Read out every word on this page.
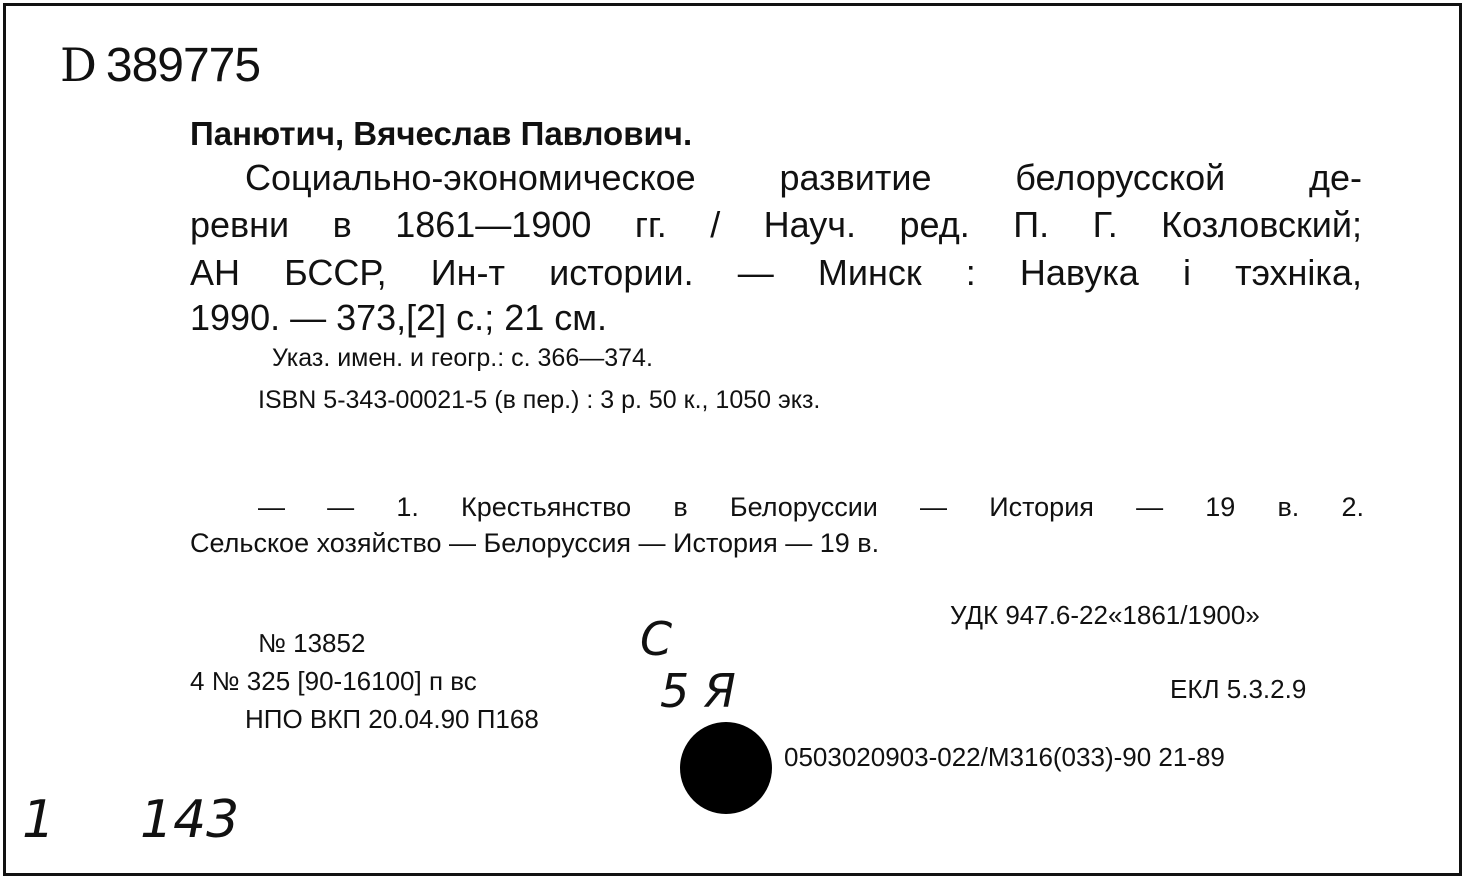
D 389775
Панютич, Вячеслав Павлович.
Социально-экономическое развитие белорусской де-
ревни в 1861—1900 гг. / Науч. ред. П. Г. Козловский;
АН БССР, Ин-т истории. — Минск : Навука і тэхніка,
1990. — 373,[2] с.; 21 см.
Указ. имен. и геогр.: с. 366—374.
ISBN 5-343-00021-5 (в пер.) : 3 р. 50 к., 1050 экз.
— — 1. Крестьянство в Белоруссии — История — 19 в. 2.
Сельское хозяйство — Белоруссия — История — 19 в.
№ 13852
4 № 325 [90-16100] п вс
НПО ВКП 20.04.90 П168
УДК 947.6-22«1861/1900»
ЕКЛ 5.3.2.9
0503020903-022/М316(033)-90 21-89
С
5 Я
1 143
